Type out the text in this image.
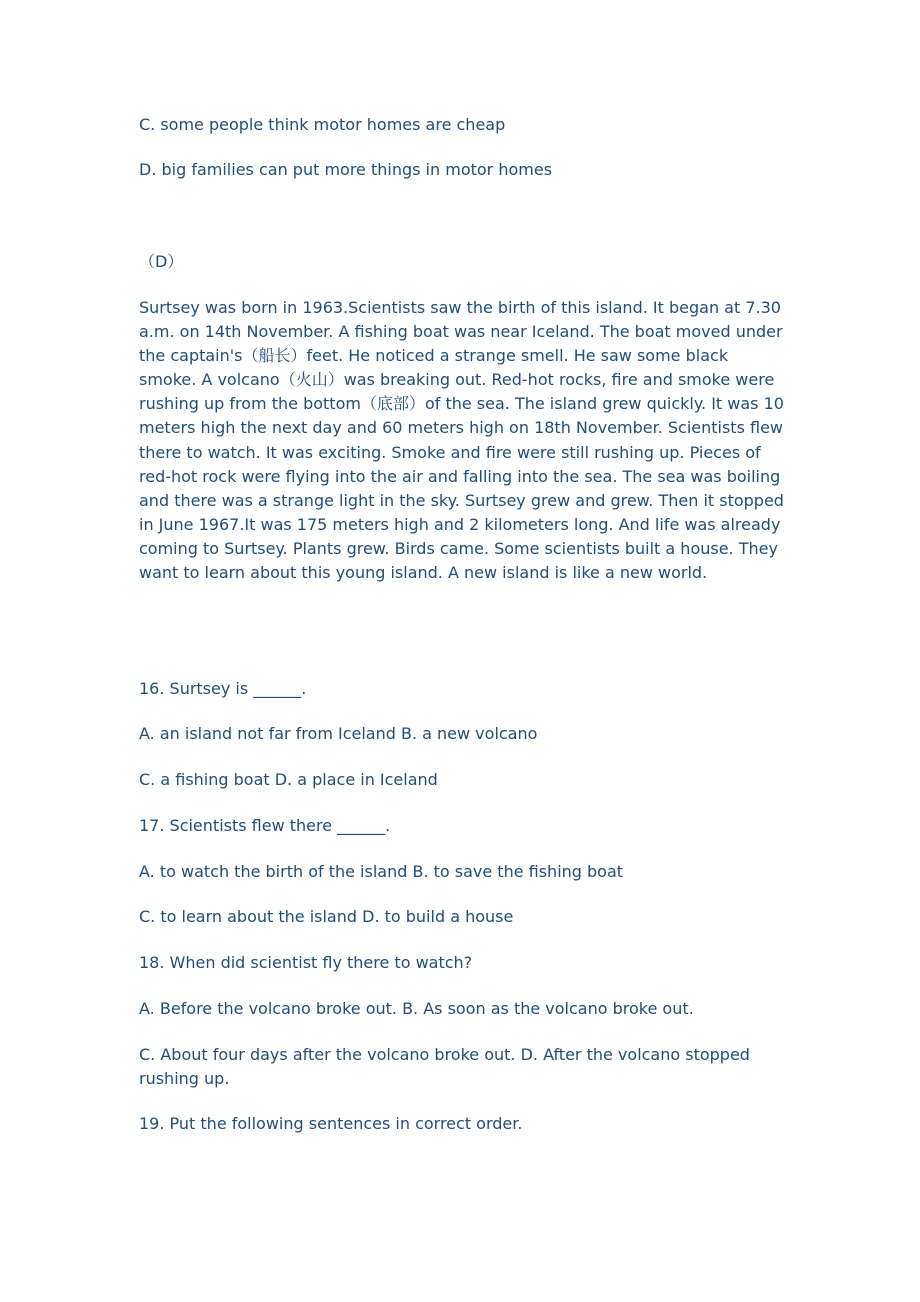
C. some people think motor homes are cheap

D. big families can put more things in motor homes

（D）

Surtsey was born in 1963.Scientists saw the birth of this island. It began at 7.30 a.m. on 14th November. A fishing boat was near Iceland. The boat moved under the captain's（船长）feet. He noticed a strange smell. He saw some black smoke. A volcano（火山）was breaking out. Red-hot rocks, fire and smoke were rushing up from the bottom（底部）of the sea. The island grew quickly. It was 10 meters high the next day and 60 meters high on 18th November. Scientists flew there to watch. It was exciting. Smoke and fire were still rushing up. Pieces of red-hot rock were flying into the air and falling into the sea. The sea was boiling and there was a strange light in the sky. Surtsey grew and grew. Then it stopped in June 1967.It was 175 meters high and 2 kilometers long. And life was already coming to Surtsey. Plants grew. Birds came. Some scientists built a house. They want to learn about this young island. A new island is like a new world.

16. Surtsey is ______.

A. an island not far from Iceland B. a new volcano

C. a fishing boat D. a place in Iceland

17. Scientists flew there ______.

A. to watch the birth of the island B. to save the fishing boat

C. to learn about the island D. to build a house

18. When did scientist fly there to watch?

A. Before the volcano broke out. B. As soon as the volcano broke out.

C. About four days after the volcano broke out. D. After the volcano stopped rushing up.

19. Put the following sentences in correct order.
